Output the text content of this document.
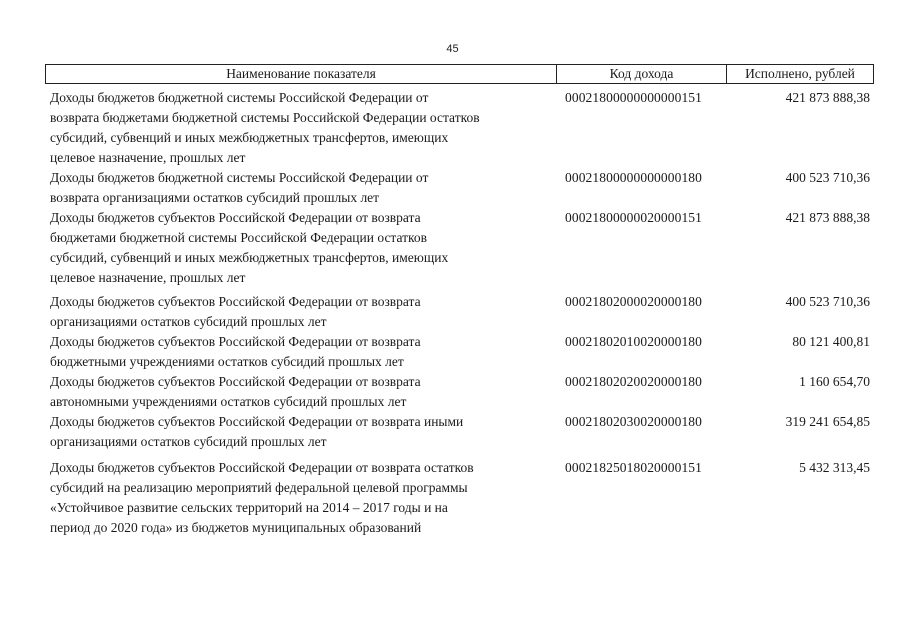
45
Наименование показателя	Код дохода	Исполнено, рублей
Доходы бюджетов бюджетной системы Российской Федерации от
возврата бюджетами бюджетной системы Российской Федерации остатков
субсидий, субвенций и иных межбюджетных трансфертов, имеющих
целевое назначение, прошлых лет
00021800000000000151	421 873 888,38
Доходы бюджетов бюджетной системы Российской Федерации от
возврата организациями остатков субсидий прошлых лет
00021800000000000180	400 523 710,36
Доходы бюджетов субъектов Российской Федерации от возврата
бюджетами бюджетной системы Российской Федерации остатков
субсидий, субвенций и иных межбюджетных трансфертов, имеющих
целевое назначение, прошлых лет
00021800000020000151	421 873 888,38
Доходы бюджетов субъектов Российской Федерации от возврата
организациями остатков субсидий прошлых лет
00021802000020000180	400 523 710,36
Доходы бюджетов субъектов Российской Федерации от возврата
бюджетными учреждениями остатков субсидий прошлых лет
00021802010020000180	80 121 400,81
Доходы бюджетов субъектов Российской Федерации от возврата
автономными учреждениями остатков субсидий прошлых лет
00021802020020000180	1 160 654,70
Доходы бюджетов субъектов Российской Федерации от возврата иными
организациями остатков субсидий прошлых лет
00021802030020000180	319 241 654,85
Доходы бюджетов субъектов Российской Федерации от возврата остатков
субсидий на реализацию мероприятий федеральной целевой программы
«Устойчивое развитие сельских территорий на 2014 – 2017 годы и на
период до 2020 года» из бюджетов муниципальных образований
00021825018020000151	5 432 313,45
